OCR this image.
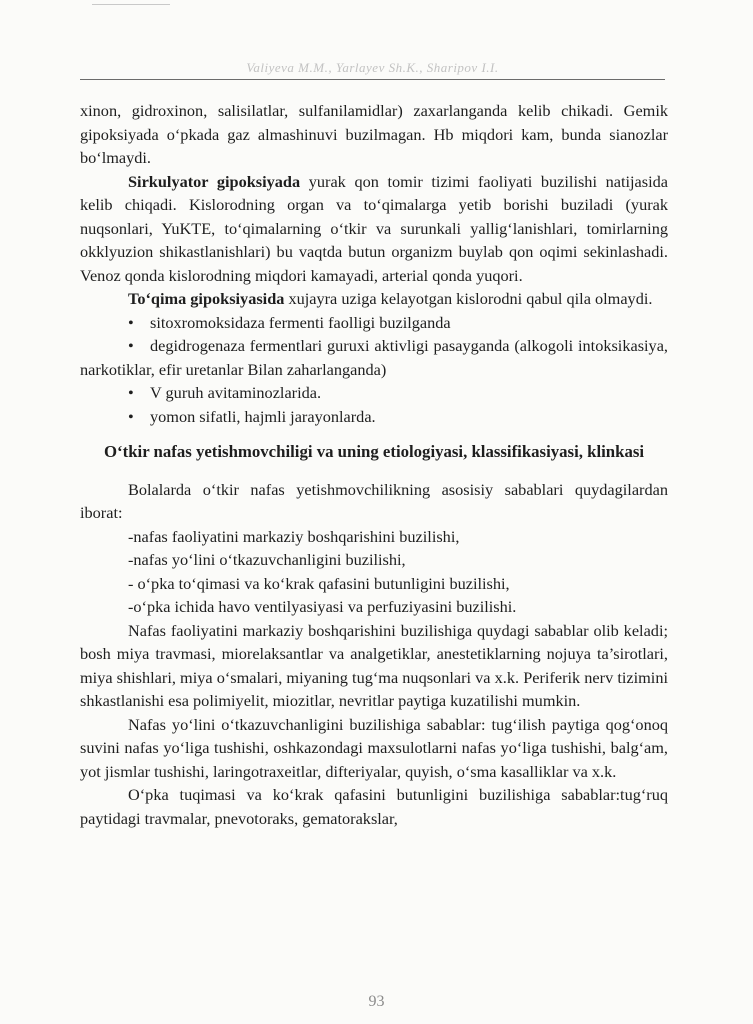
Valiyeva M.M., Yarlayev Sh.K., Sharipov I.I.

xinon, gidroxinon, salisilatlar, sulfanilamidlar) zaxarlanganda kelib chikadi. Gemik gipoksiyada o‘pkada gaz almashinuvi buzilmagan. Hb miqdori kam, bunda sianozlar bo‘lmaydi.

Sirkulyator gipoksiyada yurak qon tomir tizimi faoliyati buzilishi natijasida kelib chiqadi. Kislorodning organ va to‘qimalarga yetib borishi buziladi (yurak nuqsonlari, YuKTE, to‘qimalarning o‘tkir va surunkali yallig‘lanishlari, tomirlarning okklyuzion shikastlanishlari) bu vaqtda butun organizm buylab qon oqimi sekinlashadi. Venoz qonda kislorodning miqdori kamayadi, arterial qonda yuqori.

To‘qima gipoksiyasida xujayra uziga kelayotgan kislorodni qabul qila olmaydi.

• sitoxromoksidaza fermenti faolligi buzilganda
• degidrogenaza fermentlari guruxi aktivligi pasayganda (alkogoli intoksikasiya, narkotiklar, efir uretanlar Bilan zaharlanganda)
• V guruh avitaminozlarida.
• yomon sifatli, hajmli jarayonlarda.
O‘tkir nafas yetishmovchiligi va uning etiologiyasi, klassifikasiyasi, klinkasi

Bolalarda o‘tkir nafas yetishmovchilikning asosisiy sabablari quydagilardan iborat:

-nafas faoliyatini markaziy boshqarishini buzilishi,
-nafas yo‘lini o‘tkazuvchanligini buzilishi,
- o‘pka to‘qimasi va ko‘krak qafasini butunligini buzilishi,
-o‘pka ichida havo ventilyasiyasi va perfuziyasini buzilishi.

Nafas faoliyatini markaziy boshqarishini buzilishiga quydagi sabablar olib keladi; bosh miya travmasi, miorelaksantlar va analgetiklar, anestetiklarning nojuya ta’sirotlari, miya shishlari, miya o‘smalari, miyaning tug‘ma nuqsonlari va x.k. Periferik nerv tizimini shkastlanishi esa polimiyelit, miozitlar, nevritlar paytiga kuzatilishi mumkin.

Nafas yo‘lini o‘tkazuvchanligini buzilishiga sabablar: tug‘ilish paytiga qog‘onoq suvini nafas yo‘liga tushishi, oshkazondagi maxsulotlarni nafas yo‘liga tushishi, balg‘am, yot jismlar tushishi, laringotraxeitlar, difteriyalar, quyish, o‘sma kasalliklar va x.k.

O‘pka tuqimasi va ko‘krak qafasini butunligini buzilishiga sabablar:tug‘ruq paytidagi travmalar, pnevotoraks, gematorakslar,

93
